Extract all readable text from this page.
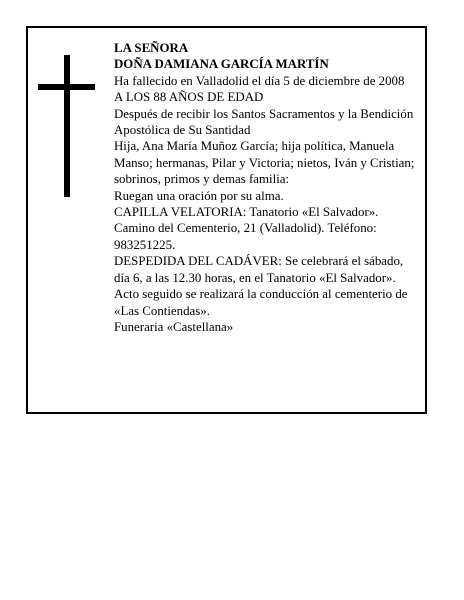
LA SEÑORA

DOÑA DAMIANA GARCÍA MARTÍN

Ha fallecido en Valladolid el día 5 de diciembre de 2008

A LOS 88 AÑOS DE EDAD

Después de recibir los Santos Sacramentos y la Bendición Apostólica de Su Santidad

Hija, Ana María Muñoz García; hija política, Manuela Manso; hermanas, Pilar y Victoria; nietos, Iván y Cristian; sobrinos, primos y demas familia:

Ruegan una oración por su alma.

CAPILLA VELATORIA: Tanatorio «El Salvador». Camino del Cementerio, 21 (Valladolid). Teléfono: 983251225.

DESPEDIDA DEL CADÁVER: Se celebrará el sábado, día 6, a las 12.30 horas, en el Tanatorio «El Salvador». Acto seguido se realizará la conducción al cementerio de «Las Contiendas».

Funeraria «Castellana»
